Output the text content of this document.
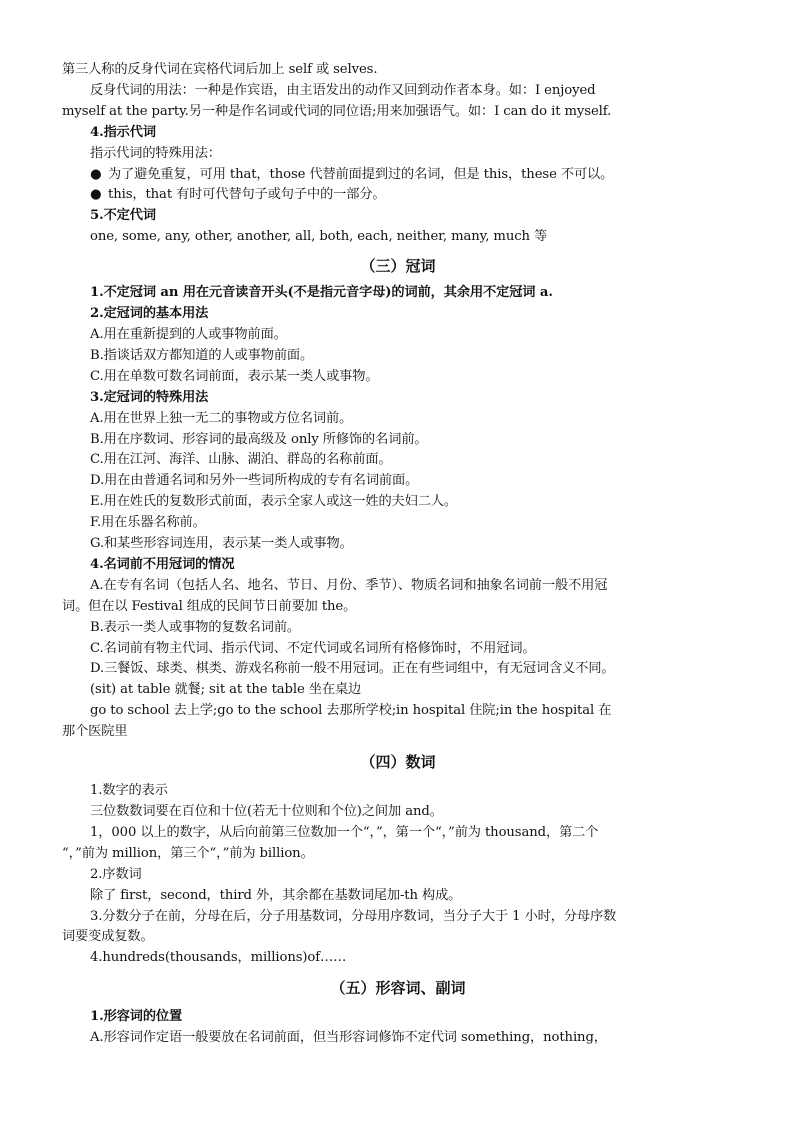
第三人称的反身代词在宾格代词后加上 self 或 selves.
反身代词的用法：一种是作宾语，由主语发出的动作又回到动作者本身。如：I enjoyed
myself at the party.另一种是作名词或代词的同位语;用来加强语气。如：I can do it myself.
4.指示代词
指示代词的特殊用法：
● 为了避免重复，可用 that，those 代替前面提到过的名词，但是 this，these 不可以。
● this，that 有时可代替句子或句子中的一部分。
5.不定代词
one, some, any, other, another, all, both, each, neither, many, much 等
（三）冠词
1.不定冠词 an 用在元音读音开头(不是指元音字母)的词前，其余用不定冠词 a.
2.定冠词的基本用法
A.用在重新提到的人或事物前面。
B.指谈话双方都知道的人或事物前面。
C.用在单数可数名词前面，表示某一类人或事物。
3.定冠词的特殊用法
A.用在世界上独一无二的事物或方位名词前。
B.用在序数词、形容词的最高级及 only 所修饰的名词前。
C.用在江河、海洋、山脉、湖泊、群岛的名称前面。
D.用在由普通名词和另外一些词所构成的专有名词前面。
E.用在姓氏的复数形式前面，表示全家人或这一姓的夫妇二人。
F.用在乐器名称前。
G.和某些形容词连用，表示某一类人或事物。
4.名词前不用冠词的情况
A.在专有名词（包括人名、地名、节日、月份、季节）、物质名词和抽象名词前一般不用冠
词。但在以 Festival 组成的民间节日前要加 the。
B.表示一类人或事物的复数名词前。
C.名词前有物主代词、指示代词、不定代词或名词所有格修饰时，不用冠词。
D.三餐饭、球类、棋类、游戏名称前一般不用冠词。正在有些词组中，有无冠词含义不同。
(sit) at table 就餐; sit at the table 坐在桌边
go to school 去上学;go to the school 去那所学校;in hospital 住院;in the hospital 在
那个医院里
（四）数词
1.数字的表示
三位数数词要在百位和十位(若无十位则和个位)之间加 and。
1，000 以上的数字，从后向前第三位数加一个“，”，第一个“，”前为 thousand，第二个
“，”前为 million，第三个“，”前为 billion。
2.序数词
除了 first，second，third 外，其余都在基数词尾加-th 构成。
3.分数分子在前，分母在后，分子用基数词，分母用序数词，当分子大于 1 小时，分母序数
词要变成复数。
4.hundreds(thousands，millions)of……
（五）形容词、副词
1.形容词的位置
A.形容词作定语一般要放在名词前面，但当形容词修饰不定代词 something，nothing，
